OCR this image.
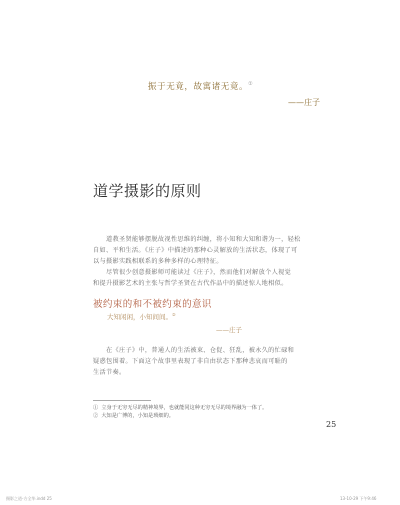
振于无竟，故寓诸无竟。①
——庄子
道学摄影的原则

道教圣贤能够摆脱故视性思维的纠缠，将小知和大知和谐为一，轻松

自如、平和生活。《庄子》中描述的那种心灵解放的生活状态，体现了可

以与摄影实践相联系的多种多样的心理特征。

尽管很少创意摄影师可能读过《庄子》，然而他们对解放个人视觉

和提升摄影艺术的主张与哲学圣贤在古代作品中的描述惊人地相似。

被约束的和不被约束的意识
大知闲闲，小知间间。②
——庄子

在《庄子》中，普通人的生活被束、仓促、狂乱，被永久的忙碌和

疑惑包围着。下面这个故事里表现了非自由状态下那种悲哀而可耻的

生活节奏。

① 立身于无穷无尽的精神境界，也就能同这种无穷无尽的境界融为一体了。
② 大知是广博的，小知是琐细的。
25
摄影之道-方全华.indd 25	13-10-29 下午9:46
